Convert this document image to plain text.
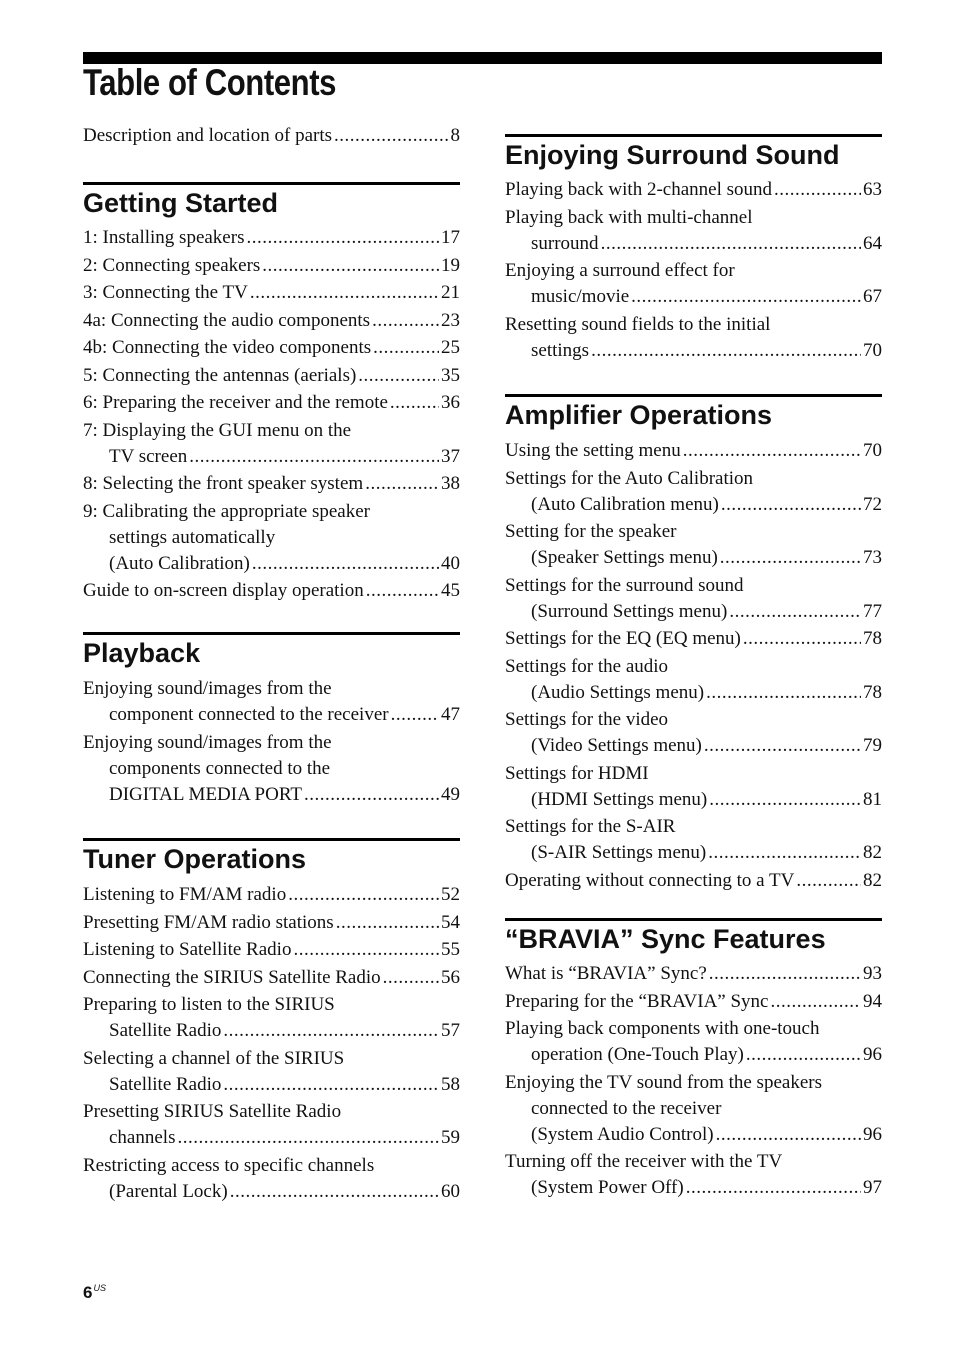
Table of Contents
Description and location of parts .....	8
Getting Started
Playback
Tuner Operations
1: Installing speakers .....	17
2: Connecting speakers .....	19
3: Connecting the TV .....	21
4a: Connecting the audio components .....	23
4b: Connecting the video components .....	25
5: Connecting the antennas (aerials) .....	35
6: Preparing the receiver and the remote .....	36
7: Displaying the GUI menu on the
TV screen .....	37
8: Selecting the front speaker system .....	38
9: Calibrating the appropriate speaker
settings automatically
(Auto Calibration) .....	40
Guide to on-screen display operation .....	45
Enjoying sound/images from the
component connected to the receiver .....	47
Enjoying sound/images from the
components connected to the
DIGITAL MEDIA PORT .....	49
Listening to FM/AM radio .....	52
Presetting FM/AM radio stations .....	54
Listening to Satellite Radio .....	55
Connecting the SIRIUS Satellite Radio .....	56
Preparing to listen to the SIRIUS
Satellite Radio .....	57
Selecting a channel of the SIRIUS
Satellite Radio .....	58
Presetting SIRIUS Satellite Radio
channels .....	59
Restricting access to specific channels
(Parental Lock) .....	60
Enjoying Surround Sound
Amplifier Operations
“BRAVIA” Sync Features
Playing back with 2-channel sound .....	63
Playing back with multi-channel
surround .....	64
Enjoying a surround effect for
music/movie .....	67
Resetting sound fields to the initial
settings .....	70
Using the setting menu .....	70
Settings for the Auto Calibration
(Auto Calibration menu) .....	72
Setting for the speaker
(Speaker Settings menu) .....	73
Settings for the surround sound
(Surround Settings menu) .....	77
Settings for the EQ (EQ menu) .....	78
Settings for the audio
(Audio Settings menu) .....	78
Settings for the video
(Video Settings menu) .....	79
Settings for HDMI
(HDMI Settings menu) .....	81
Settings for the S-AIR
(S-AIR Settings menu) .....	82
Operating without connecting to a TV .....	82
What is “BRAVIA” Sync? .....	93
Preparing for the “BRAVIA” Sync .....	94
Playing back components with one-touch
operation (One-Touch Play) .....	96
Enjoying the TV sound from the speakers
connected to the receiver
(System Audio Control) .....	96
Turning off the receiver with the TV
(System Power Off) .....	97
$6^{US}$
